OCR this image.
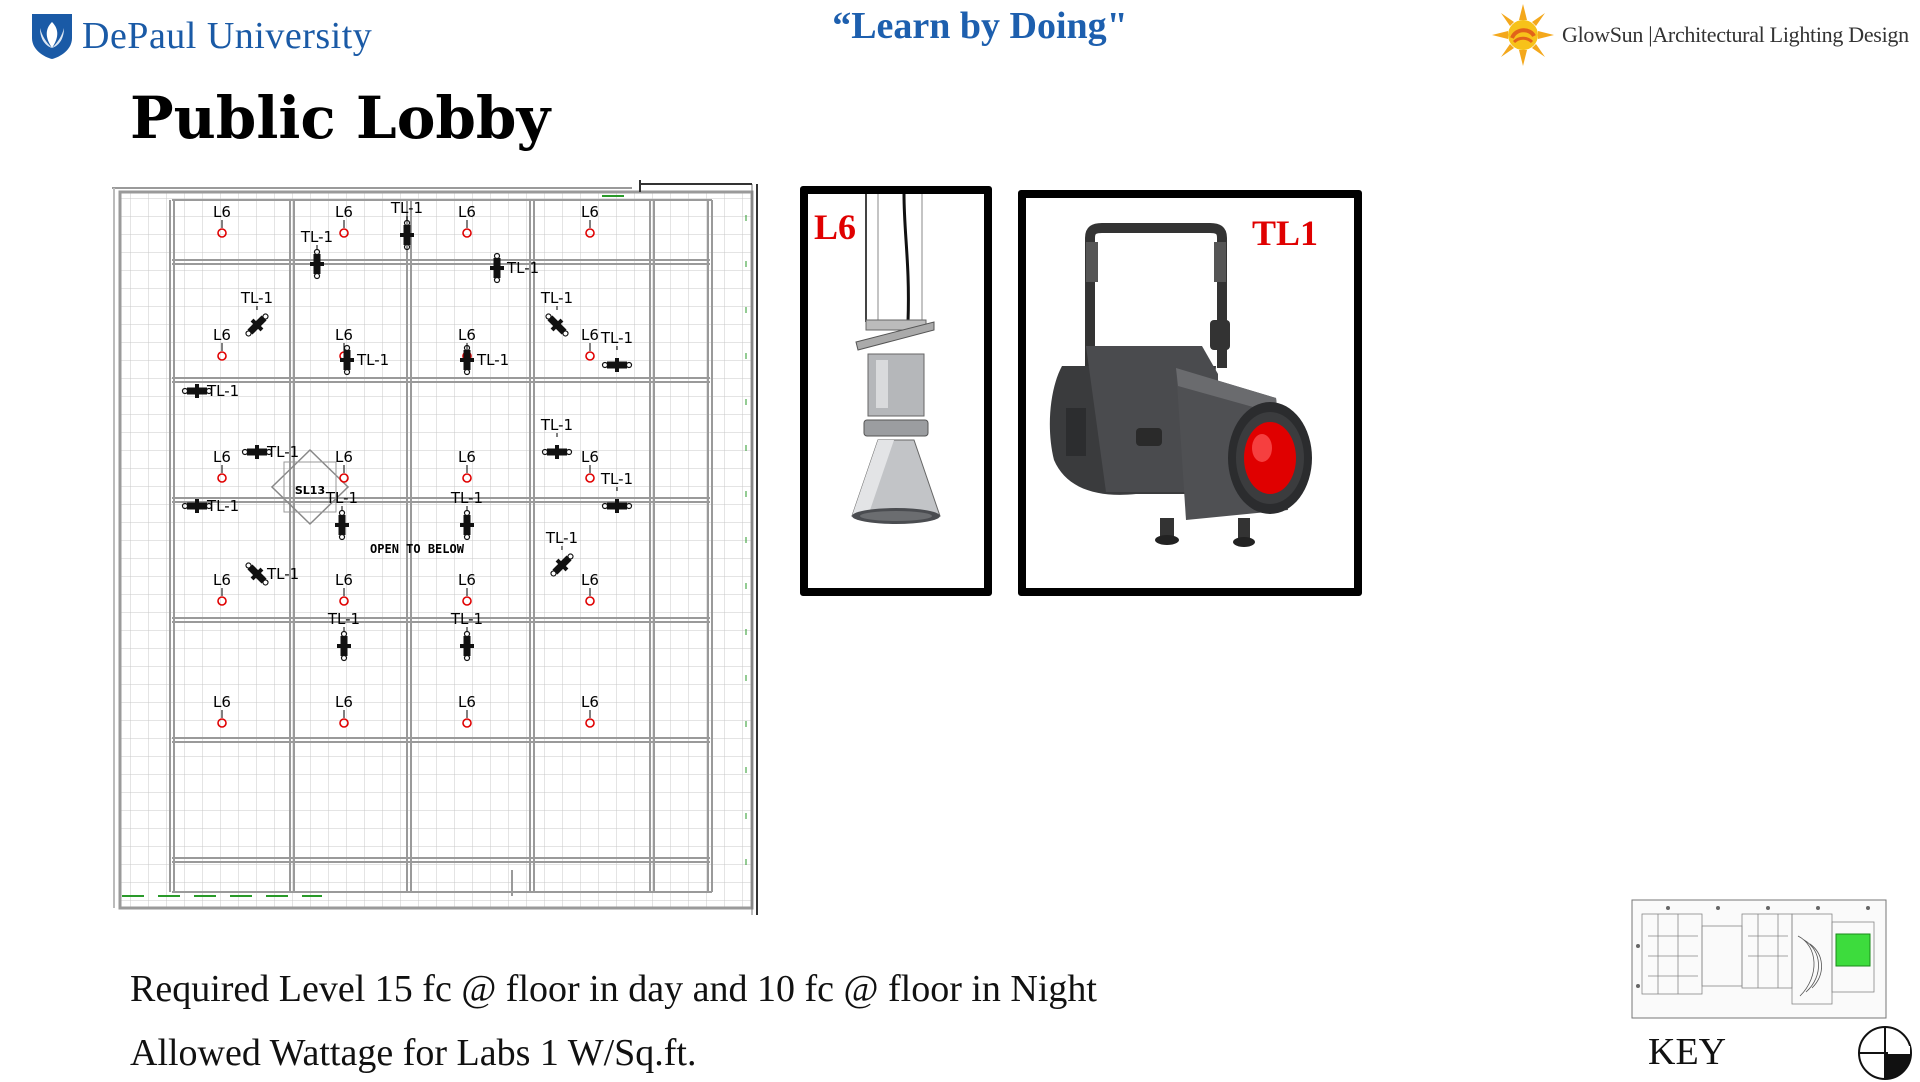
DePaul University	“Learn by Doing"	GlowSun |Architectural Lighting Design
Public Lobby
SL13
OPEN TO BELOW
L6	L6	L6	L6
L6	L6	L6	L6
L6	L6	L6	L6
L6	L6	L6	L6
L6	L6	L6	L6
TL-1
TL-1
TL-1
TL-1	TL-1
TL-1	TL-1
TL-1
TL-1
TL-1
TL-1
TL-1
TL-1
TL-1	TL-1
TL-1
TL-1
TL-1	TL-1
L6	TL1
Required Level 15 fc @ floor in day and 10 fc @ floor in Night
Allowed Wattage for Labs 1 W/Sq.ft.	KEY
